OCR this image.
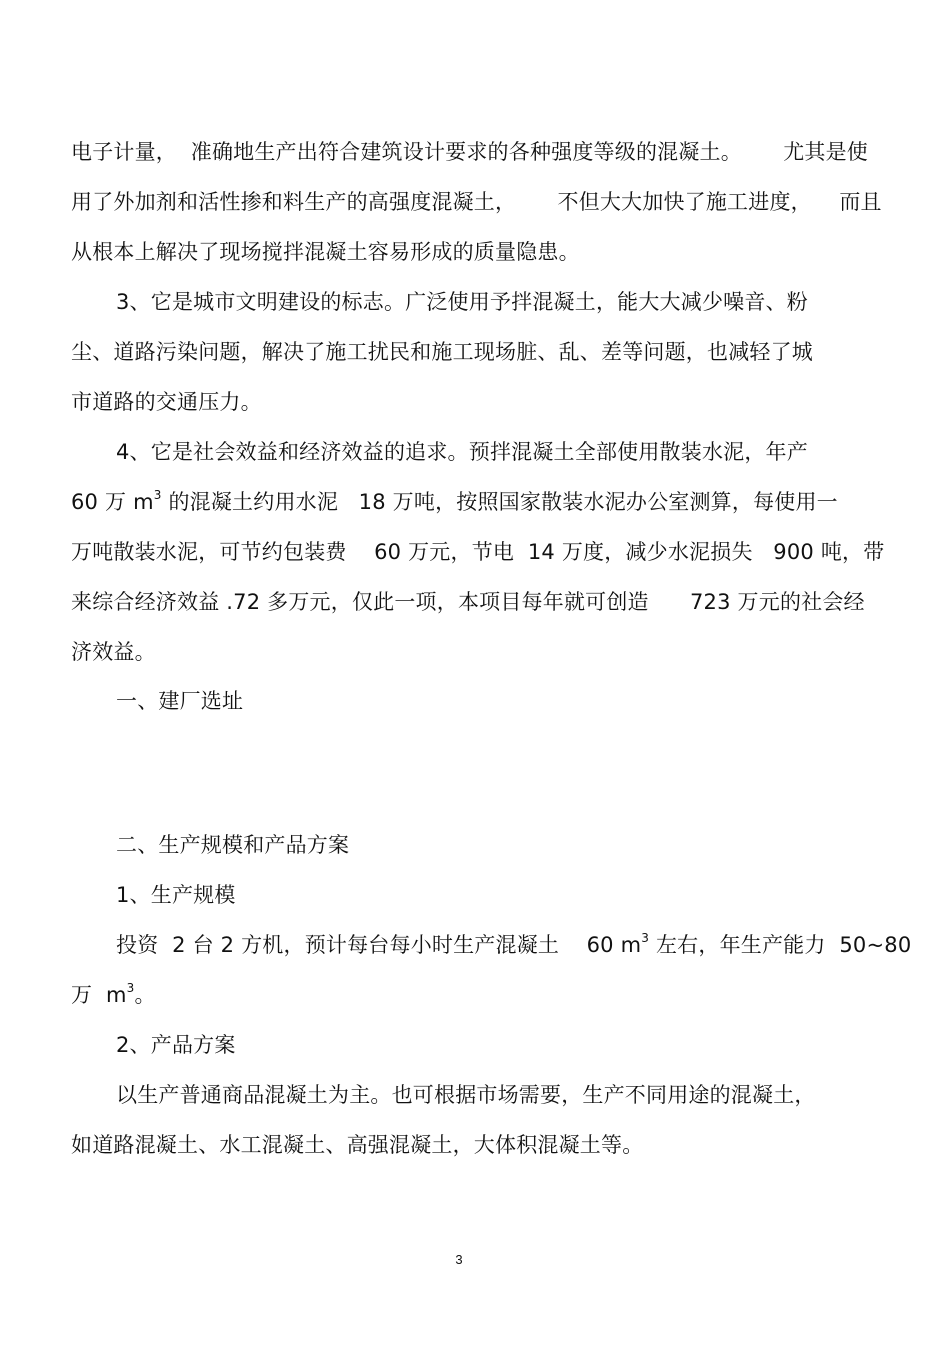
电子计量，  准确地生产出符合建筑设计要求的各种强度等级的混凝土。      尤其是使
用了外加剂和活性掺和料生产的高强度混凝土，      不但大大加快了施工进度，    而且
从根本上解决了现场搅拌混凝土容易形成的质量隐患。
3、它是城市文明建设的标志。广泛使用予拌混凝土，能大大减少噪音、粉
尘、道路污染问题，解决了施工扰民和施工现场脏、乱、差等问题，也减轻了城
市道路的交通压力。
4、它是社会效益和经济效益的追求。预拌混凝土全部使用散装水泥，年产
60 万 $m^3$ 的混凝土约用水泥   18 万吨，按照国家散装水泥办公室测算，每使用一
万吨散装水泥，可节约包装费    60 万元，节电  14 万度，减少水泥损失   900 吨，带
来综合经济效益 .72 多万元，仅此一项，本项目每年就可创造      723 万元的社会经
济效益。
一、建厂选址
二、生产规模和产品方案
1、生产规模
投资  2 台 2 方机，预计每台每小时生产混凝土    60 $m^3$ 左右，年生产能力  50~80
万  $m^3$。
2、产品方案
以生产普通商品混凝土为主。也可根据市场需要，生产不同用途的混凝土，
如道路混凝土、水工混凝土、高强混凝土，大体积混凝土等。
3
